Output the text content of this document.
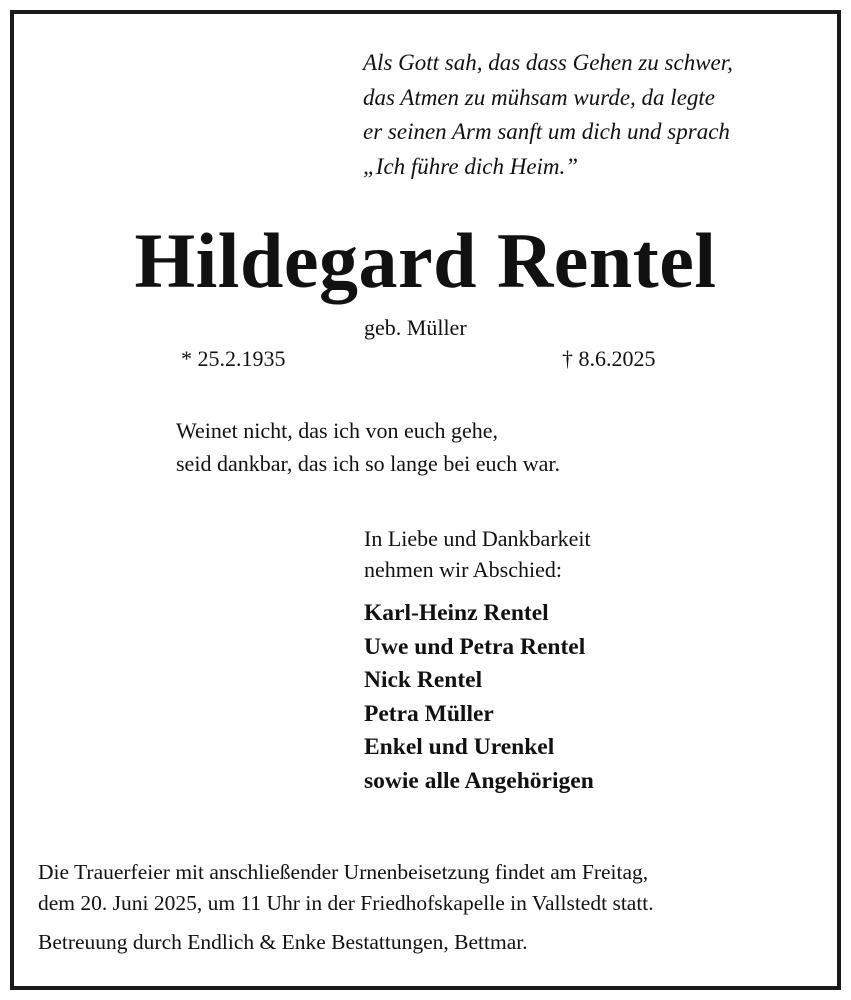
Als Gott sah, das dass Gehen zu schwer,
das Atmen zu mühsam wurde, da legte
er seinen Arm sanft um dich und sprach
„Ich führe dich Heim.”
Hildegard Rentel
geb. Müller
* 25.2.1935	† 8.6.2025
Weinet nicht, das ich von euch gehe,
seid dankbar, das ich so lange bei euch war.
In Liebe und Dankbarkeit
nehmen wir Abschied:
Karl-Heinz Rentel
Uwe und Petra Rentel
Nick Rentel
Petra Müller
Enkel und Urenkel
sowie alle Angehörigen
Die Trauerfeier mit anschließender Urnenbeisetzung findet am Freitag,
dem 20. Juni 2025, um 11 Uhr in der Friedhofskapelle in Vallstedt statt.
Betreuung durch Endlich & Enke Bestattungen, Bettmar.
